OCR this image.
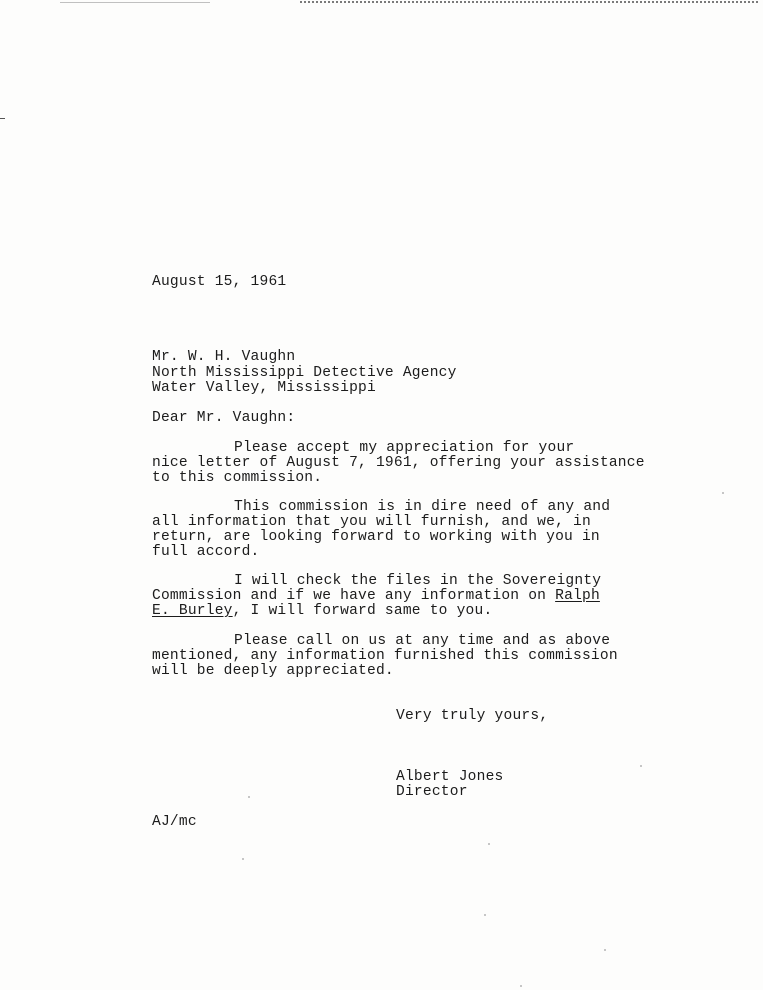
August 15, 1961
Mr. W. H. Vaughn
North Mississippi Detective Agency
Water Valley, Mississippi
Dear Mr. Vaughn:
Please accept my appreciation for your
nice letter of August 7, 1961, offering your assistance
to this commission.
This commission is in dire need of any and
all information that you will furnish, and we, in
return, are looking forward to working with you in
full accord.
I will check the files in the Sovereignty
Commission and if we have any information on Ralph
E. Burley, I will forward same to you.
Please call on us at any time and as above
mentioned, any information furnished this commission
will be deeply appreciated.
Very truly yours,
Albert Jones
Director
AJ/mc
